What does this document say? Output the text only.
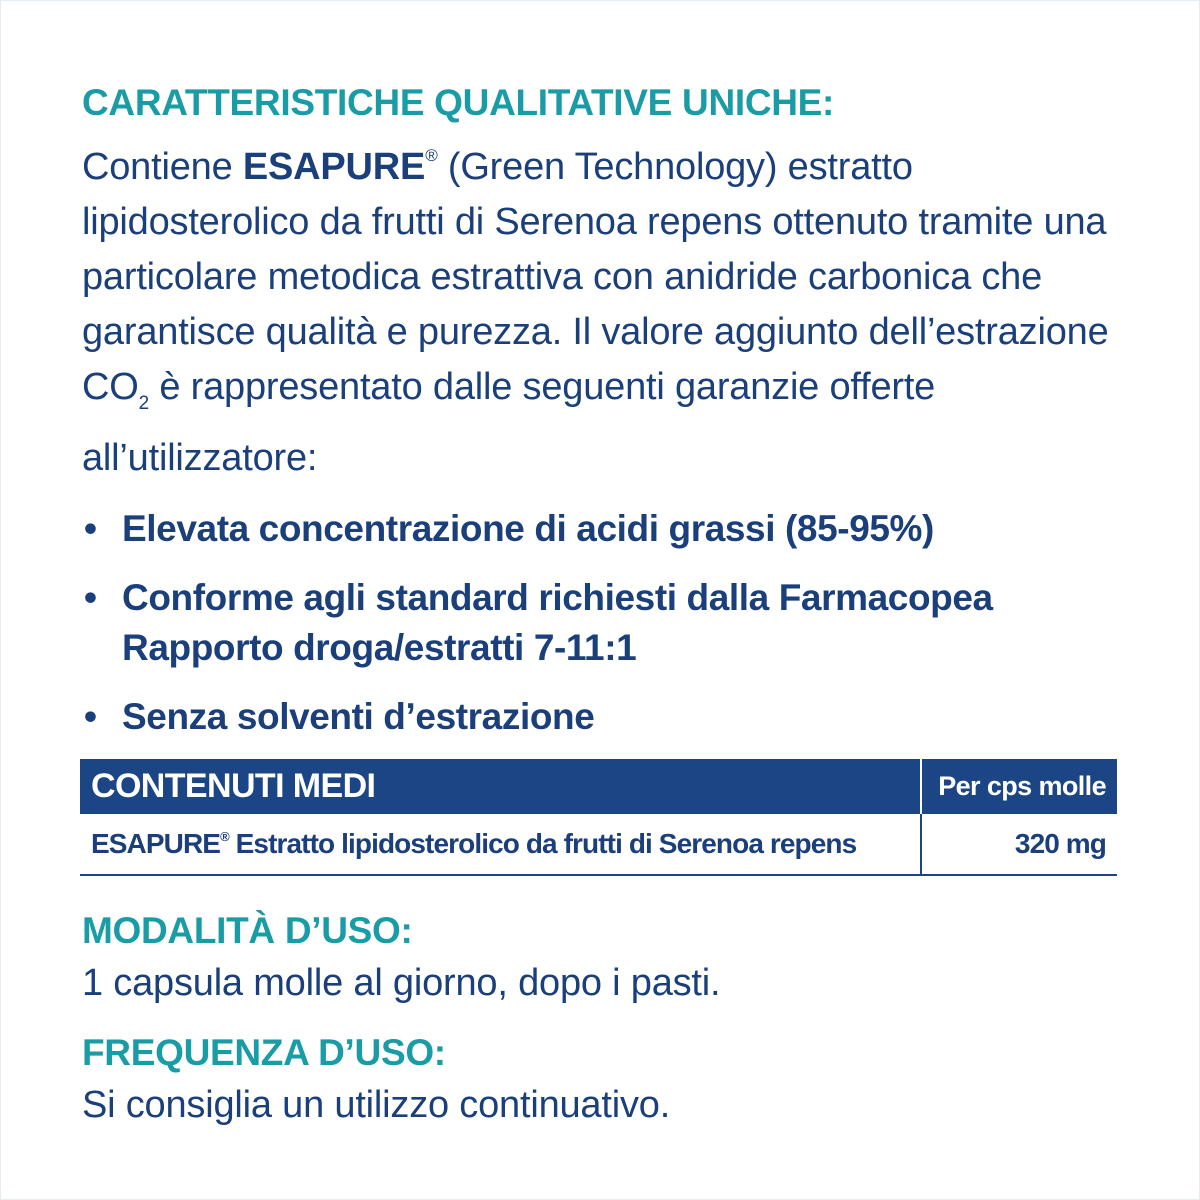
CARATTERISTICHE QUALITATIVE UNICHE:

Contiene ESAPURE® (Green Technology) estratto lipidosterolico da frutti di Serenoa repens ottenuto tramite una particolare metodica estrattiva con anidride carbonica che garantisce qualità e purezza. Il valore aggiunto dell’estrazione $CO_2$ è rappresentato dalle seguenti garanzie offerte all’utilizzatore:

• Elevata concentrazione di acidi grassi (85-95%)
• Conforme agli standard richiesti dalla Farmacopea Rapporto droga/estratti 7-11:1
• Senza solventi d’estrazione
CONTENUTI MEDI	Per cps molle
ESAPURE® Estratto lipidosterolico da frutti di Serenoa repens	320 mg
MODALITÀ D’USO:

1 capsula molle al giorno, dopo i pasti.

FREQUENZA D’USO:

Si consiglia un utilizzo continuativo.
